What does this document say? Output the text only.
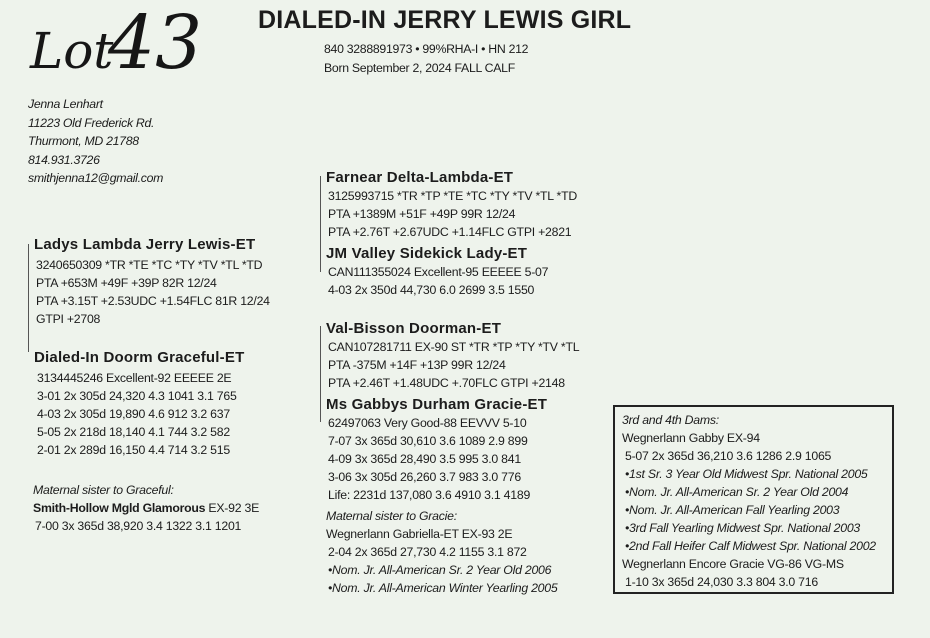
Lot
43 DIALED-IN JERRY LEWIS GIRL
840 3288891973 • 99%RHA-I • HN 212
Born September 2, 2024 FALL CALF
Jenna Lenhart
11223 Old Frederick Rd.
Thurmont, MD 21788
814.931.3726
smithjenna12@gmail.com
Ladys Lambda Jerry Lewis-ET
3240650309 *TR *TE *TC *TY *TV *TL *TD
PTA +653M +49F +39P 82R 12/24
PTA +3.15T +2.53UDC +1.54FLC 81R 12/24
GTPI +2708
Dialed-In Doorm Graceful-ET
3134445246 Excellent-92 EEEEE 2E
3-01 2x 305d 24,320 4.3 1041 3.1 765
4-03 2x 305d 19,890 4.6 912 3.2 637
5-05 2x 218d 18,140 4.1 744 3.2 582
2-01 2x 289d 16,150 4.4 714 3.2 515
Maternal sister to Graceful:
Smith-Hollow Mgld Glamorous EX-92 3E
7-00 3x 365d 38,920 3.4 1322 3.1 1201
Farnear Delta-Lambda-ET
3125993715 *TR *TP *TE *TC *TY *TV *TL *TD
PTA +1389M +51F +49P 99R 12/24
PTA +2.76T +2.67UDC +1.14FLC GTPI +2821
JM Valley Sidekick Lady-ET
CAN111355024 Excellent-95 EEEEE 5-07
4-03 2x 350d 44,730 6.0 2699 3.5 1550
Val-Bisson Doorman-ET
CAN107281711 EX-90 ST *TR *TP *TY *TV *TL
PTA -375M +14F +13P 99R 12/24
PTA +2.46T +1.48UDC +.70FLC GTPI +2148
Ms Gabbys Durham Gracie-ET
62497063 Very Good-88 EEVVV 5-10
7-07 3x 365d 30,610 3.6 1089 2.9 899
4-09 3x 365d 28,490 3.5 995 3.0 841
3-06 3x 305d 26,260 3.7 983 3.0 776
Life: 2231d 137,080 3.6 4910 3.1 4189
Maternal sister to Gracie:
Wegnerlann Gabriella-ET EX-93 2E
2-04 2x 365d 27,730 4.2 1155 3.1 872
•Nom. Jr. All-American Sr. 2 Year Old 2006
•Nom. Jr. All-American Winter Yearling 2005
3rd and 4th Dams:
Wegnerlann Gabby EX-94
5-07 2x 365d 36,210 3.6 1286 2.9 1065
•1st Sr. 3 Year Old Midwest Spr. National 2005
•Nom. Jr. All-American Sr. 2 Year Old 2004
•Nom. Jr. All-American Fall Yearling 2003
•3rd Fall Yearling Midwest Spr. National 2003
•2nd Fall Heifer Calf Midwest Spr. National 2002
Wegnerlann Encore Gracie VG-86 VG-MS
1-10 3x 365d 24,030 3.3 804 3.0 716
